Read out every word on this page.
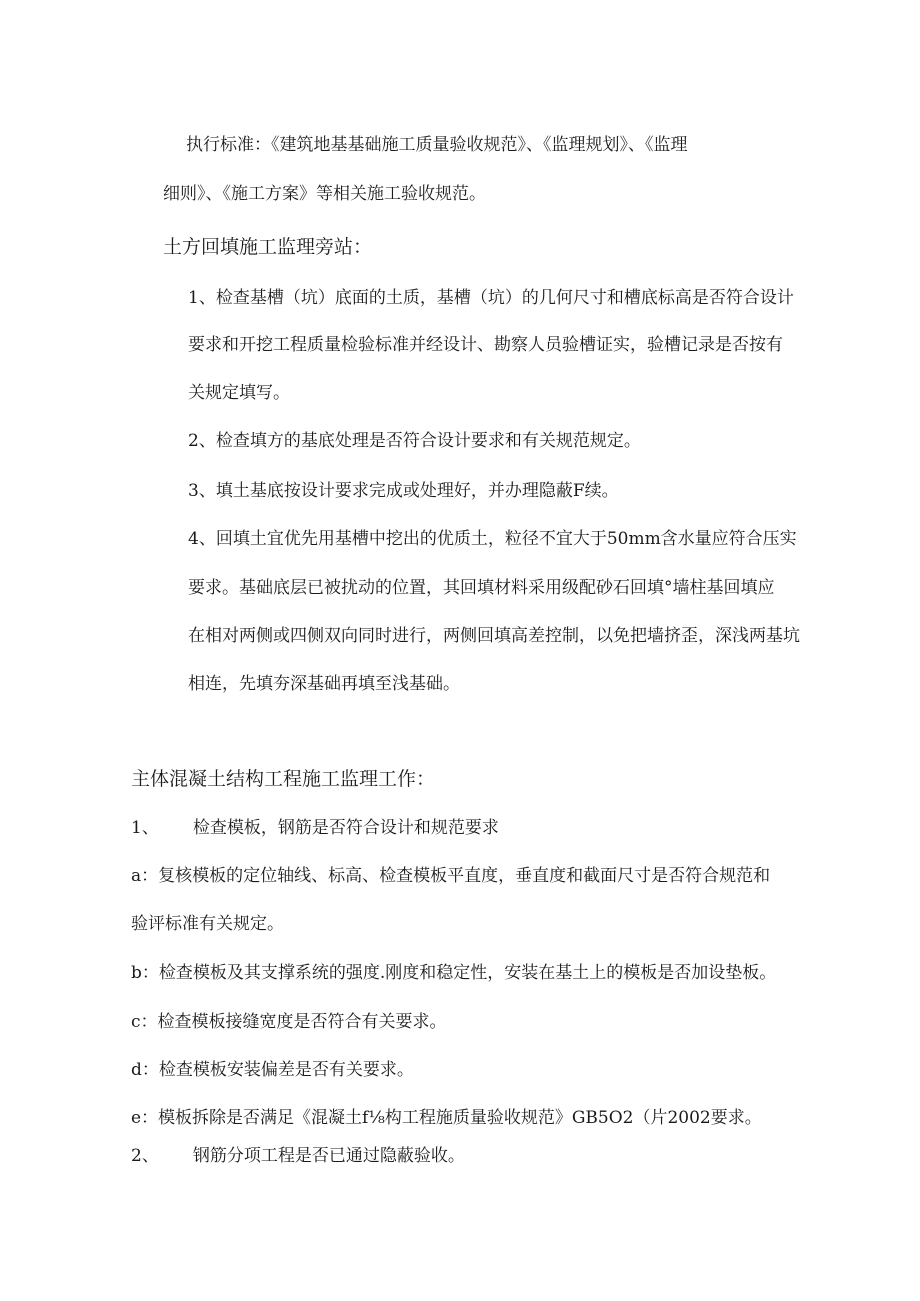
执行标准：《建筑地基基础施工质量验收规范》、《监理规划》、《监理
细则》、《施工方案》等相关施工验收规范。
土方回填施工监理旁站：
1、检查基槽（坑）底面的土质，基槽（坑）的几何尺寸和槽底标高是否符合设计
要求和开挖工程质量检验标准并经设计、勘察人员验槽证实，验槽记录是否按有
关规定填写。
2、检查填方的基底处理是否符合设计要求和有关规范规定。
3、填土基底按设计要求完成或处理好，并办理隐蔽F续。
4、回填土宜优先用基槽中挖出的优质土，粒径不宜大于50mm含水量应符合压实
要求。基础底层已被扰动的位置，其回填材料采用级配砂石回填°墙柱基回填应
在相对两侧或四侧双向同时进行，两侧回填高差控制，以免把墙挤歪，深浅两基坑
相连，先填夯深基础再填至浅基础。
主体混凝土结构工程施工监理工作：
1、 检查模板，钢筋是否符合设计和规范要求
a：复核模板的定位轴线、标高、检查模板平直度，垂直度和截面尺寸是否符合规范和
验评标准有关规定。
b：检查模板及其支撑系统的强度.刚度和稳定性，安装在基土上的模板是否加设垫板。
c：检查模板接缝宽度是否符合有关要求。
d：检查模板安装偏差是否有关要求。
e：模板拆除是否满足《混凝土f⅛构工程施质量验收规范》GB5O2（片2002要求。
2、 钢筋分项工程是否已通过隐蔽验收。
